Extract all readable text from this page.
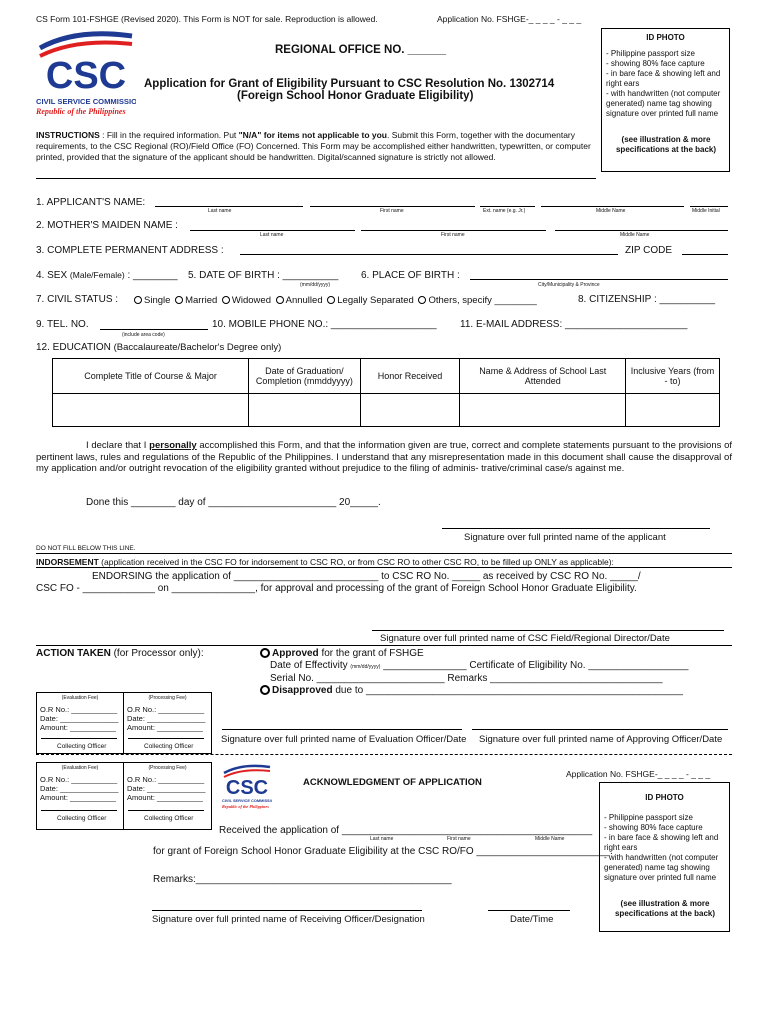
CS Form 101-FSHGE (Revised 2020). This Form is NOT for sale. Reproduction is allowed.	Application No. FSHGE-_ _ _ _ - _ _ _
CSC
CIVIL SERVICE COMMISSION
Republic of the Philippines
REGIONAL OFFICE NO. ______
Application for Grant of Eligibility Pursuant to CSC Resolution No. 1302714
(Foreign School Honor Graduate Eligibility)
ID PHOTO
- Philippine passport size
- showing 80% face capture
- in bare face & showing left and right ears
- with handwritten (not computer generated) name tag showing signature over printed full name
(see illustration & more specifications at the back)
INSTRUCTIONS : Fill in the required information. Put "N/A" for items not applicable to you. Submit this Form, together with the documentary requirements, to the CSC Regional (RO)/Field Office (FO) Concerned. This Form may be accomplished either handwritten, typewritten, or computer printed, provided that the signature of the applicant should be handwritten. Digital/scanned signature is strictly not allowed.
1. APPLICANT'S NAME:
Last name	First name	Ext. name (e.g. Jr.)	Middle Name	Middle Initial
2. MOTHER'S MAIDEN NAME :
Last name	First name	Middle Name
3. COMPLETE PERMANENT ADDRESS :	ZIP CODE
4. SEX (Male/Female) : ________ 5. DATE OF BIRTH : __________
(mm/dd/yyyy)
6. PLACE OF BIRTH :
City/Municipality & Province
7. CIVIL STATUS :	Single Married Widowed Annulled Legally Separated Others, specify ________	8. CITIZENSHIP : __________
9. TEL. NO.
(include area code)
10. MOBILE PHONE NO.: ___________________ 11. E-MAIL ADDRESS: ______________________
12. EDUCATION (Baccalaureate/Bachelor's Degree only)
Complete Title of Course & Major	Date of Graduation/ Completion (mmddyyyy)	Honor Received	Name & Address of School Last Attended	Inclusive Years (from - to)

I declare that I personally accomplished this Form, and that the information given are true, correct and complete statements pursuant to the provisions of pertinent laws, rules and regulations of the Republic of the Philippines. I understand that any misrepresentation made in this document shall cause the disapproval of my application and/or outright revocation of the eligibility granted without prejudice to the filing of adminis- trative/criminal case/s against me.
Done this ________ day of _______________________ 20_____.
Signature over full printed name of the applicant
DO NOT FILL BELOW THIS LINE.
INDORSEMENT (application received in the CSC FO for indorsement to CSC RO, or from CSC RO to other CSC RO, to be filled up ONLY as applicable):
ENDORSING the application of __________________________ to CSC RO No. _____ as received by CSC RO No. _____/
CSC FO - _____________ on _______________, for approval and processing of the grant of Foreign School Honor Graduate Eligibility.
Signature over full printed name of CSC Field/Regional Director/Date
ACTION TAKEN (for Processor only):	Approved for the grant of FSHGE
Date of Effectivity (mm/dd/yyyy) _______________ Certificate of Eligibility No. __________________
Serial No. _______________________ Remarks _______________________________
Disapproved due to _________________________________________________________
(Evaluation Fee)
O.R No.: ___________
Date: ______________
Amount: ___________
Collecting Officer
(Processing Fee)
O.R No.: ___________
Date: ______________
Amount: ___________
Collecting Officer
Signature over full printed name of Evaluation Officer/Date Signature over full printed name of Approving Officer/Date
(Evaluation Fee)
O.R No.: ___________
Date: ______________
Amount: ___________
Collecting Officer
(Processing Fee)
O.R No.: ___________
Date: ______________
Amount: ___________
Collecting Officer
CSC
CIVIL SERVICE COMMISSION
Republic of the Philippines
Application No. FSHGE-_ _ _ _ - _ _ _
ACKNOWLEDGMENT OF APPLICATION
ID PHOTO
- Philippine passport size
- showing 80% face capture
- in bare face & showing left and right ears
- with handwritten (not computer generated) name tag showing signature over printed full name
(see illustration & more specifications at the back)
Received the application of _____________________________________________
Last name	First name	Middle Name
for grant of Foreign School Honor Graduate Eligibility at the CSC RO/FO ________________________.
Remarks:______________________________________________
Signature over full printed name of Receiving Officer/Designation	Date/Time
